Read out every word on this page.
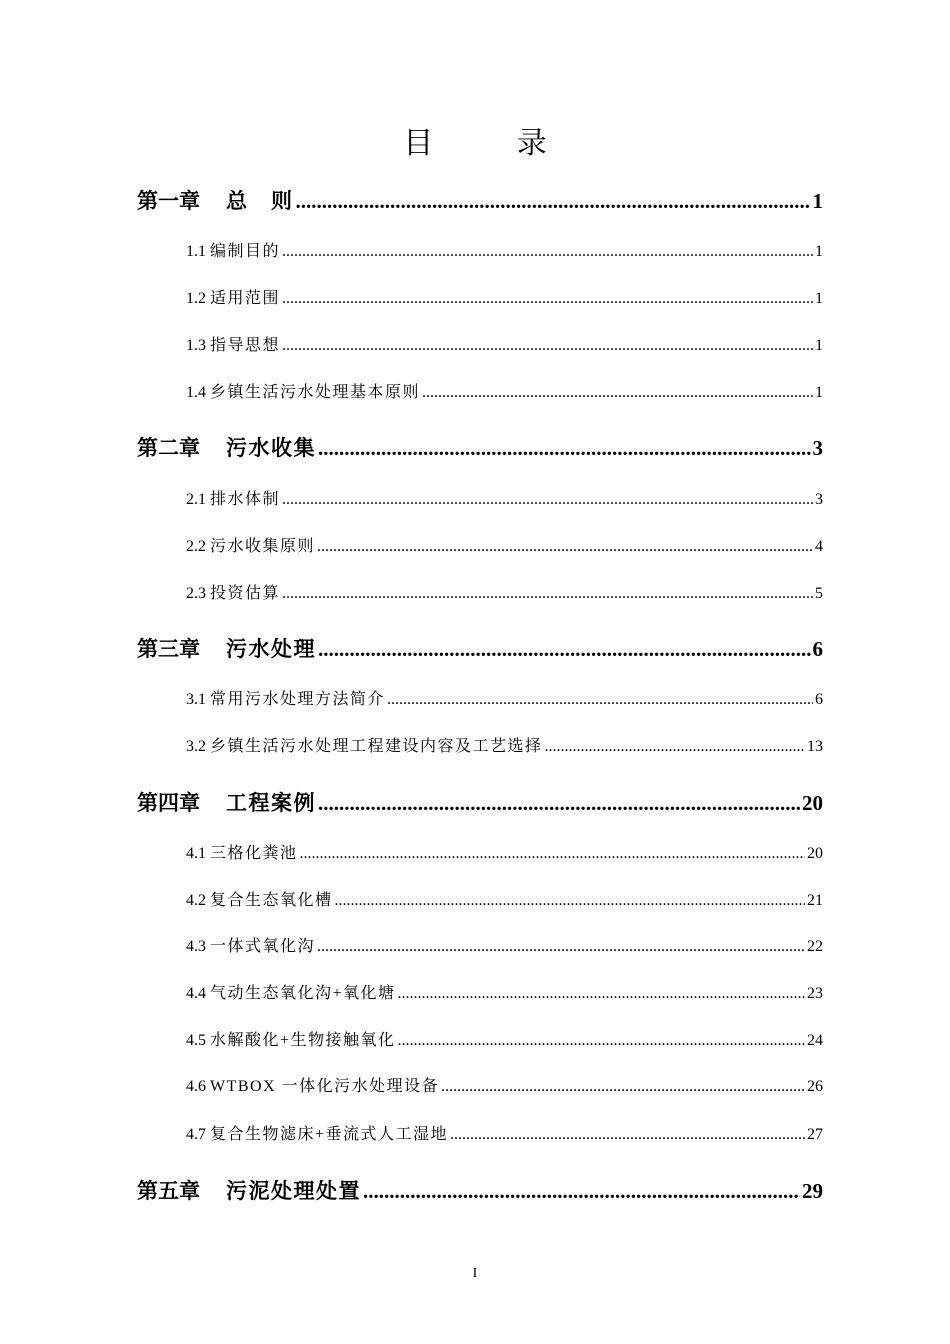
目 录
第一章 总　则 .....	1
1.1 编制目的 .....	1
1.2 适用范围 .....	1
1.3 指导思想 .....	1
1.4 乡镇生活污水处理基本原则 .....	1
第二章 污水收集 .....	3
2.1 排水体制 .....	3
2.2 污水收集原则 .....	4
2.3 投资估算 .....	5
第三章 污水处理 .....	6
3.1 常用污水处理方法简介 .....	6
3.2 乡镇生活污水处理工程建设内容及工艺选择 .....	13
第四章 工程案例 .....	20
4.1 三格化粪池 .....	20
4.2 复合生态氧化槽 .....	21
4.3 一体式氧化沟 .....	22
4.4 气动生态氧化沟+氧化塘 .....	23
4.5 水解酸化+生物接触氧化 .....	24
4.6 WTBOX 一体化污水处理设备 .....	26
4.7 复合生物滤床+垂流式人工湿地 .....	27
第五章 污泥处理处置 .....	29
I
